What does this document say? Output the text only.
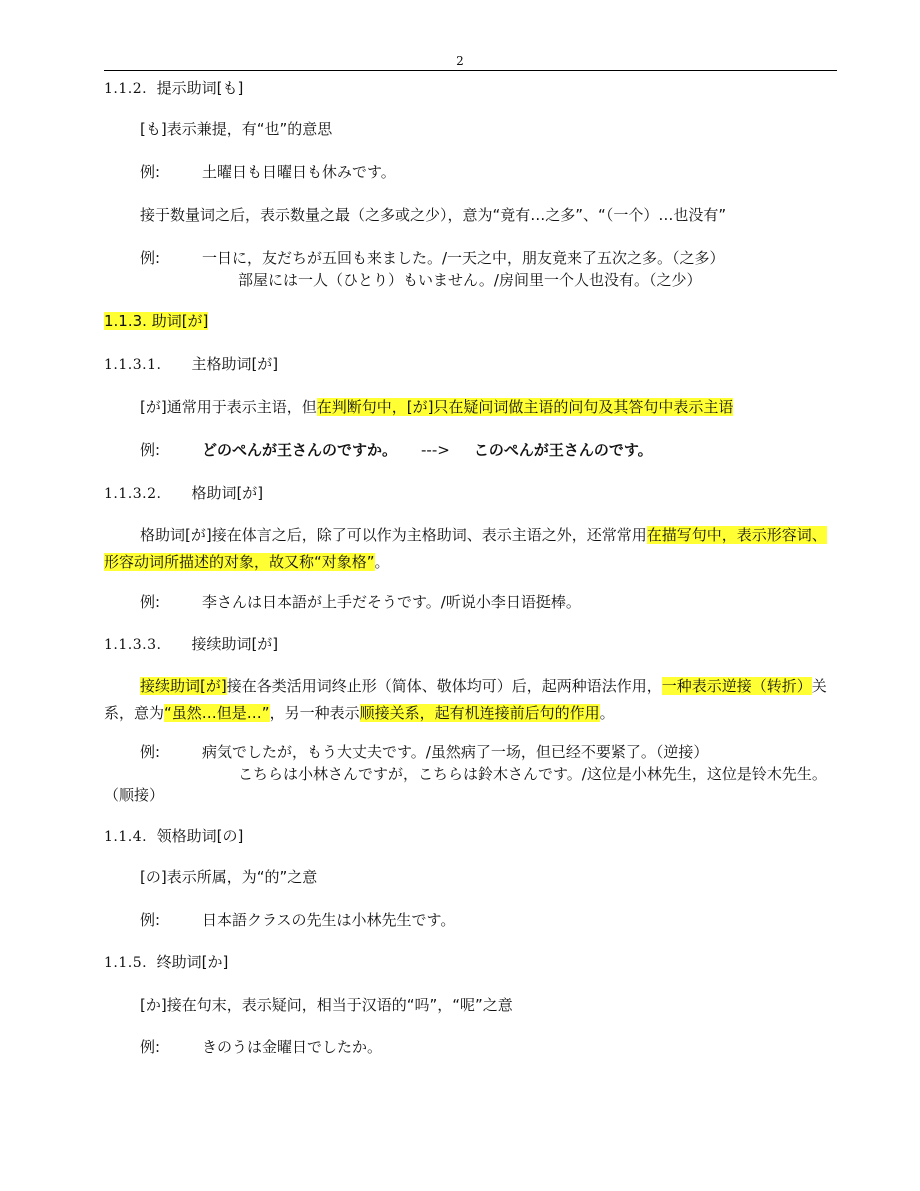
2
1.1.2. 提示助词[も]
[も]表示兼提，有“也”的意思
例:	土曜日も日曜日も休みです。
接于数量词之后，表示数量之最（之多或之少），意为“竟有…之多”、“（一个）…也没有”
例:	一日に，友だちが五回も来ました。/一天之中，朋友竟来了五次之多。（之多）
部屋には一人（ひとり）もいません。/房间里一个人也没有。（之少）
1.1.3. 助词[が]
1.1.3.1. 主格助词[が]
[が]通常用于表示主语，但在判断句中，[が]只在疑问词做主语的问句及其答句中表示主语
例:	どのぺんが王さんのですか。 ---> このぺんが王さんのです。
1.1.3.2. 格助词[が]
格助词[が]接在体言之后，除了可以作为主格助词、表示主语之外，还常常用在描写句中，表示形容词、形容动词所描述的对象，故又称“对象格”。
例:	李さんは日本語が上手だそうです。/听说小李日语挺棒。
1.1.3.3. 接续助词[が]
接续助词[が]接在各类活用词终止形（简体、敬体均可）后，起两种语法作用，一种表示逆接（转折）关系，意为“虽然…但是…”，另一种表示顺接关系，起有机连接前后句的作用。
例:	病気でしたが，もう大丈夫です。/虽然病了一场，但已经不要紧了。（逆接）
こちらは小林さんですが，こちらは鈴木さんです。/这位是小林先生，这位是铃木先生。
（顺接）
1.1.4. 领格助词[の]
[の]表示所属，为“的”之意
例:	日本語クラスの先生は小林先生です。
1.1.5. 终助词[か]
[か]接在句末，表示疑问，相当于汉语的“吗”，“呢”之意
例:	きのうは金曜日でしたか。
